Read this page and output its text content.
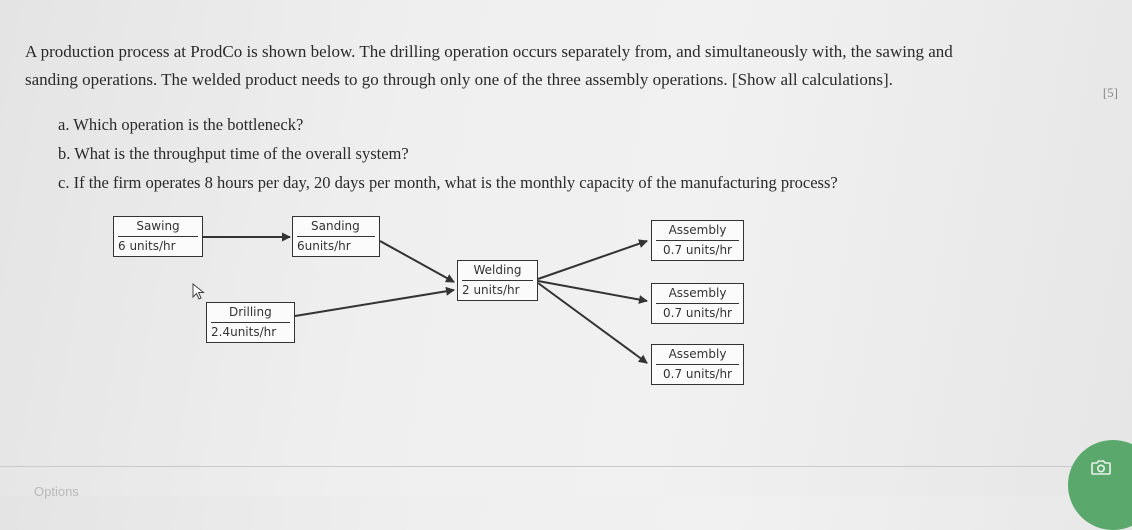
A production process at ProdCo is shown below. The drilling operation occurs separately from, and simultaneously with, the sawing and
sanding operations. The welded product needs to go through only one of the three assembly operations. [Show all calculations].
[5]
a. Which operation is the bottleneck?
b. What is the throughput time of the overall system?
c. If the firm operates 8 hours per day, 20 days per month, what is the monthly capacity of the manufacturing process?
Sawing
6 units/hr
Sanding
6units/hr
Drilling
2.4units/hr
Welding
2 units/hr
Assembly
0.7 units/hr
Assembly
0.7 units/hr
Assembly
0.7 units/hr
Options
